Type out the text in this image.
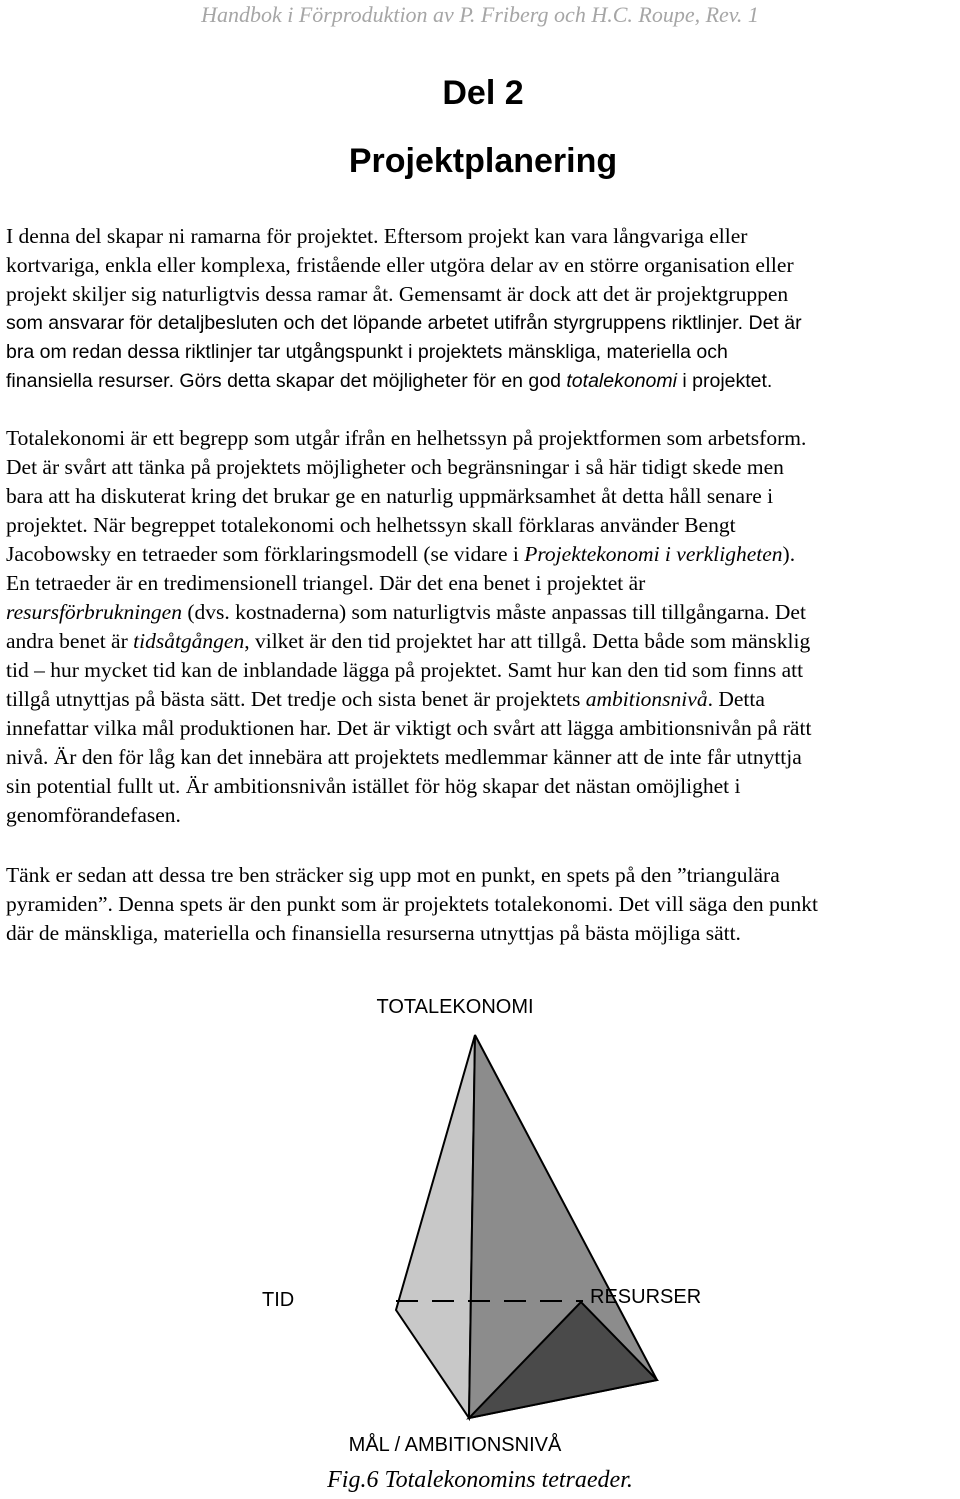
Handbok i Förproduktion av P. Friberg och H.C. Roupe, Rev. 1
Del 2
Projektplanering
I denna del skapar ni ramarna för projektet. Eftersom projekt kan vara långvariga eller
kortvariga, enkla eller komplexa, fristående eller utgöra delar av en större organisation eller
projekt skiljer sig naturligtvis dessa ramar åt. Gemensamt är dock att det är projektgruppen
som ansvarar för detaljbesluten och det löpande arbetet utifrån styrgruppens riktlinjer. Det är
bra om redan dessa riktlinjer tar utgångspunkt i projektets mänskliga, materiella och
finansiella resurser. Görs detta skapar det möjligheter för en god totalekonomi i projektet.
Totalekonomi är ett begrepp som utgår ifrån en helhetssyn på projektformen som arbetsform.
Det är svårt att tänka på projektets möjligheter och begränsningar i så här tidigt skede men
bara att ha diskuterat kring det brukar ge en naturlig uppmärksamhet åt detta håll senare i
projektet. När begreppet totalekonomi och helhetssyn skall förklaras använder Bengt
Jacobowsky en tetraeder som förklaringsmodell (se vidare i Projektekonomi i verkligheten).
En tetraeder är en tredimensionell triangel. Där det ena benet i projektet är
resursförbrukningen (dvs. kostnaderna) som naturligtvis måste anpassas till tillgångarna. Det
andra benet är tidsåtgången, vilket är den tid projektet har att tillgå. Detta både som mänsklig
tid – hur mycket tid kan de inblandade lägga på projektet. Samt hur kan den tid som finns att
tillgå utnyttjas på bästa sätt. Det tredje och sista benet är projektets ambitionsnivå. Detta
innefattar vilka mål produktionen har. Det är viktigt och svårt att lägga ambitionsnivån på rätt
nivå. Är den för låg kan det innebära att projektets medlemmar känner att de inte får utnyttja
sin potential fullt ut. Är ambitionsnivån istället för hög skapar det nästan omöjlighet i
genomförandefasen.
Tänk er sedan att dessa tre ben sträcker sig upp mot en punkt, en spets på den ”triangulära
pyramiden”. Denna spets är den punkt som är projektets totalekonomi. Det vill säga den punkt
där de mänskliga, materiella och finansiella resurserna utnyttjas på bästa möjliga sätt.
TOTALEKONOMI
TID	RESURSER
MÅL / AMBITIONSNIVÅ
Fig.6 Totalekonomins tetraeder.
